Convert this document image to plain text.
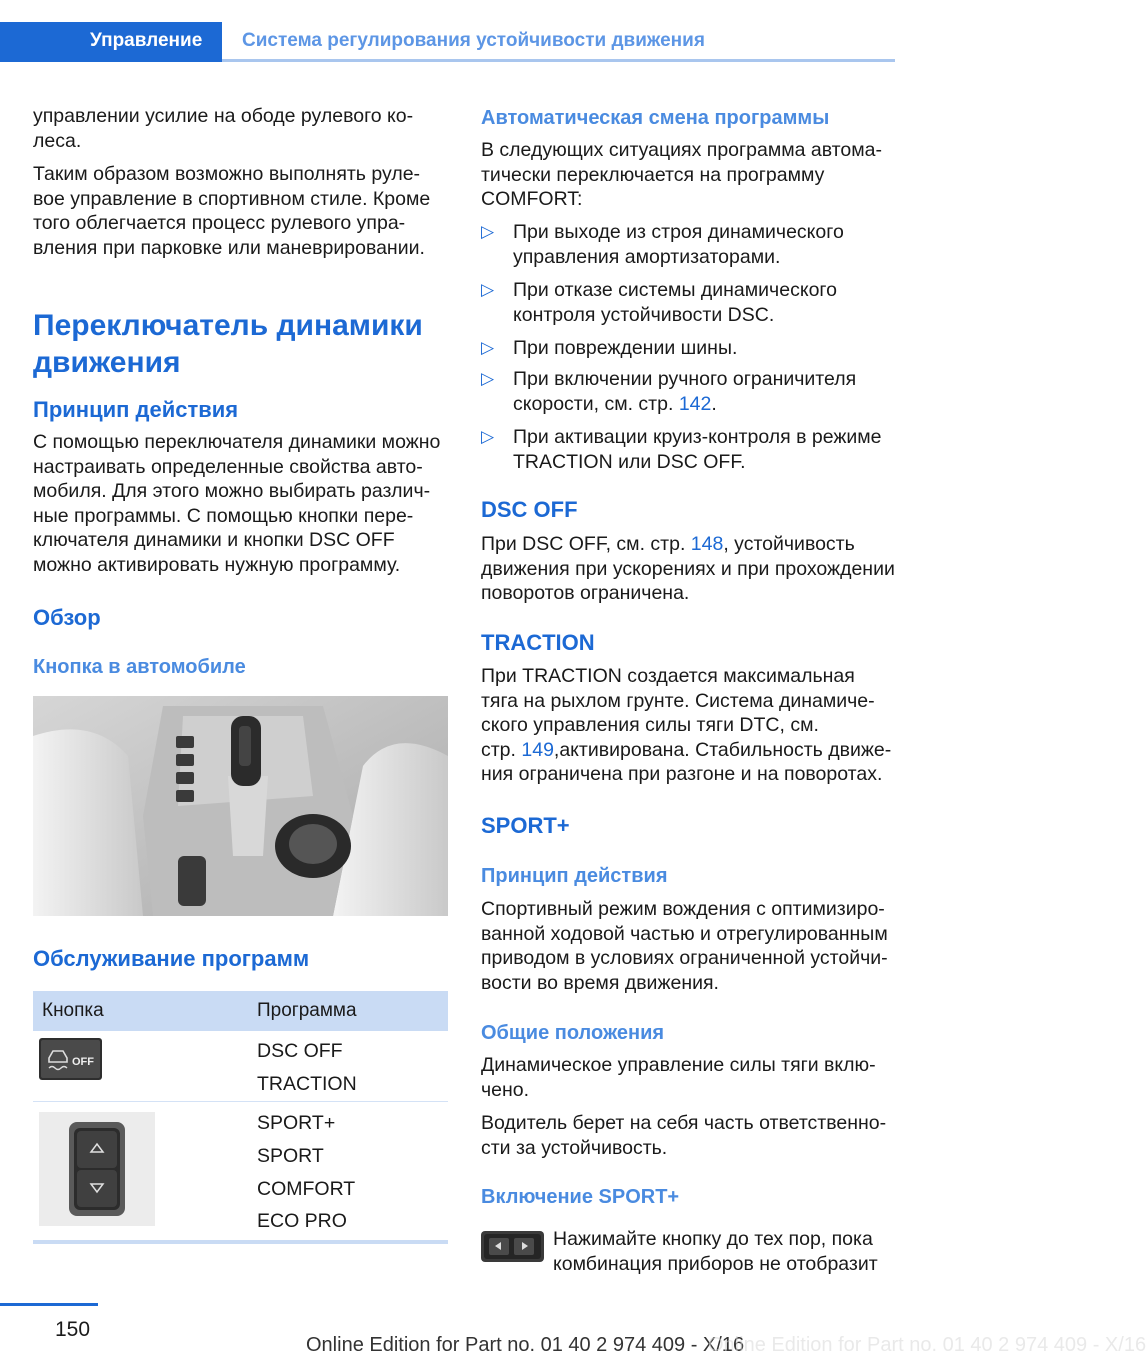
Управление Система регулирования устойчивости движения
управлении усилие на ободе рулевого ко-
леса.
Таким образом возможно выполнять руле-
вое управление в спортивном стиле. Кроме
того облегчается процесс рулевого упра-
вления при парковке или маневрировании.
Переключатель динамики
движения
Принцип действия
С помощью переключателя динамики можно
настраивать определенные свойства авто-
мобиля. Для этого можно выбирать различ-
ные программы. С помощью кнопки пере-
ключателя динамики и кнопки DSC OFF
можно активировать нужную программу.
Обзор
Кнопка в автомобиле
Обслуживание программ
Кнопка	Программа
OFF	DSC OFF
TRACTION
SPORT+
SPORT
COMFORT
ECO PRO
Автоматическая смена программы
В следующих ситуациях программа автома-
тически переключается на программу
COMFORT:
▷ При выходе из строя динамического
управления амортизаторами.
▷ При отказе системы динамического
контроля устойчивости DSC.
▷ При повреждении шины.
▷ При включении ручного ограничителя
скорости, см. стр. 142.
▷ При активации круиз-контроля в режиме
TRACTION или DSC OFF.
DSC OFF
При DSC OFF, см. стр. 148, устойчивость
движения при ускорениях и при прохождении
поворотов ограничена.
TRACTION
При TRACTION создается максимальная
тяга на рыхлом грунте. Система динамиче-
ского управления силы тяги DTC, см.
стр. 149,активирована. Стабильность движе-
ния ограничена при разгоне и на поворотах.
SPORT+
Принцип действия
Спортивный режим вождения с оптимизиро-
ванной ходовой частью и отрегулированным
приводом в условиях ограниченной устойчи-
вости во время движения.
Общие положения
Динамическое управление силы тяги вклю-
чено.
Водитель берет на себя часть ответственно-
сти за устойчивость.
Включение SPORT+
Нажимайте кнопку до тех пор, пока
комбинация приборов не отобразит
150
Online Edition for Part no. 01 40 2 974 409 - X/16
Online Edition for Part no. 01 40 2 974 409 - X/16
